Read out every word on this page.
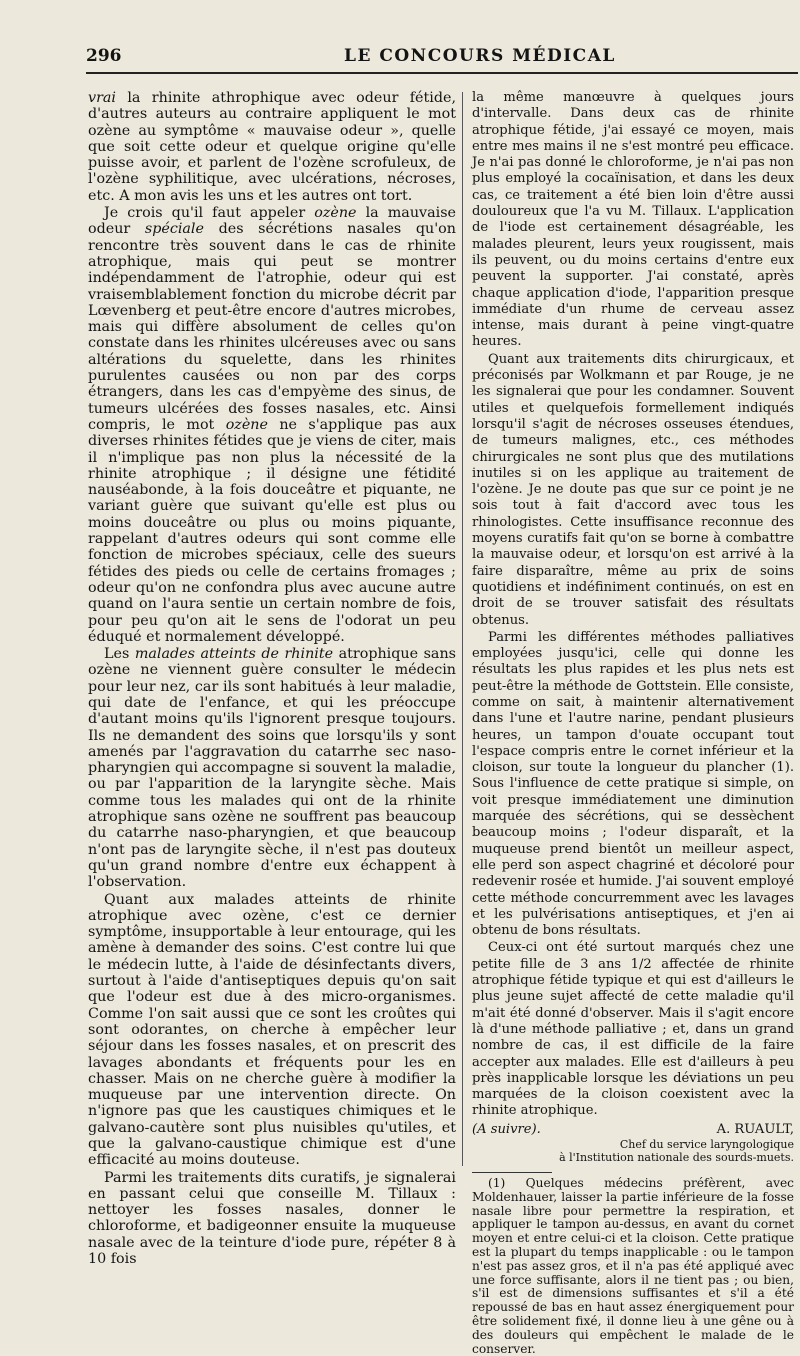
296	LE CONCOURS MÉDICAL

vrai la rhinite athrophique avec odeur fétide, d'autres auteurs au contraire appliquent le mot ozène au symptôme « mauvaise odeur », quelle que soit cette odeur et quelque origine qu'elle puisse avoir, et parlent de l'ozène scrofuleux, de l'ozène syphilitique, avec ulcérations, nécroses, etc. A mon avis les uns et les autres ont tort.

Je crois qu'il faut appeler ozène la mauvaise odeur spéciale des sécrétions nasales qu'on rencontre très souvent dans le cas de rhinite atrophique, mais qui peut se montrer indépendamment de l'atrophie, odeur qui est vraisemblablement fonction du microbe décrit par Lœvenberg et peut-être encore d'autres microbes, mais qui diffère absolument de celles qu'on constate dans les rhinites ulcéreuses avec ou sans altérations du squelette, dans les rhinites purulentes causées ou non par des corps étrangers, dans les cas d'empyème des sinus, de tumeurs ulcérées des fosses nasales, etc. Ainsi compris, le mot ozène ne s'applique pas aux diverses rhinites fétides que je viens de citer, mais il n'implique pas non plus la nécessité de la rhinite atrophique ; il désigne une fétidité nauséabonde, à la fois douceâtre et piquante, ne variant guère que suivant qu'elle est plus ou moins douceâtre ou plus ou moins piquante, rappelant d'autres odeurs qui sont comme elle fonction de microbes spéciaux, celle des sueurs fétides des pieds ou celle de certains fromages ; odeur qu'on ne confondra plus avec aucune autre quand on l'aura sentie un certain nombre de fois, pour peu qu'on ait le sens de l'odorat un peu éduqué et normalement développé.

Les malades atteints de rhinite atrophique sans ozène ne viennent guère consulter le médecin pour leur nez, car ils sont habitués à leur maladie, qui date de l'enfance, et qui les préoccupe d'autant moins qu'ils l'ignorent presque toujours. Ils ne demandent des soins que lorsqu'ils y sont amenés par l'aggravation du catarrhe sec naso-pharyngien qui accompagne si souvent la maladie, ou par l'apparition de la laryngite sèche. Mais comme tous les malades qui ont de la rhinite atrophique sans ozène ne souffrent pas beaucoup du catarrhe naso-pharyngien, et que beaucoup n'ont pas de laryngite sèche, il n'est pas douteux qu'un grand nombre d'entre eux échappent à l'observation.

Quant aux malades atteints de rhinite atrophique avec ozène, c'est ce dernier symptôme, insupportable à leur entourage, qui les amène à demander des soins. C'est contre lui que le médecin lutte, à l'aide de désinfectants divers, surtout à l'aide d'antiseptiques depuis qu'on sait que l'odeur est due à des micro-organismes. Comme l'on sait aussi que ce sont les croûtes qui sont odorantes, on cherche à empêcher leur séjour dans les fosses nasales, et on prescrit des lavages abondants et fréquents pour les en chasser. Mais on ne cherche guère à modifier la muqueuse par une intervention directe. On n'ignore pas que les caustiques chimiques et le galvano-cautère sont plus nuisibles qu'utiles, et que la galvano-caustique chimique est d'une efficacité au moins douteuse.

Parmi les traitements dits curatifs, je signalerai en passant celui que conseille M. Tillaux : nettoyer les fosses nasales, donner le chloroforme, et badigeonner ensuite la muqueuse nasale avec de la teinture d'iode pure, répéter 8 à 10 fois

la même manœuvre à quelques jours d'intervalle. Dans deux cas de rhinite atrophique fétide, j'ai essayé ce moyen, mais entre mes mains il ne s'est montré peu efficace. Je n'ai pas donné le chloroforme, je n'ai pas non plus employé la cocaïnisation, et dans les deux cas, ce traitement a été bien loin d'être aussi douloureux que l'a vu M. Tillaux. L'application de l'iode est certainement désagréable, les malades pleurent, leurs yeux rougissent, mais ils peuvent, ou du moins certains d'entre eux peuvent la supporter. J'ai constaté, après chaque application d'iode, l'apparition presque immédiate d'un rhume de cerveau assez intense, mais durant à peine vingt-quatre heures.

Quant aux traitements dits chirurgicaux, et préconisés par Wolkmann et par Rouge, je ne les signalerai que pour les condamner. Souvent utiles et quelquefois formellement indiqués lorsqu'il s'agit de nécroses osseuses étendues, de tumeurs malignes, etc., ces méthodes chirurgicales ne sont plus que des mutilations inutiles si on les applique au traitement de l'ozène. Je ne doute pas que sur ce point je ne sois tout à fait d'accord avec tous les rhinologistes. Cette insuffisance reconnue des moyens curatifs fait qu'on se borne à combattre la mauvaise odeur, et lorsqu'on est arrivé à la faire disparaître, même au prix de soins quotidiens et indéfiniment continués, on est en droit de se trouver satisfait des résultats obtenus.

Parmi les différentes méthodes palliatives employées jusqu'ici, celle qui donne les résultats les plus rapides et les plus nets est peut-être la méthode de Gottstein. Elle consiste, comme on sait, à maintenir alternativement dans l'une et l'autre narine, pendant plusieurs heures, un tampon d'ouate occupant tout l'espace compris entre le cornet inférieur et la cloison, sur toute la longueur du plancher (1). Sous l'influence de cette pratique si simple, on voit presque immédiatement une diminution marquée des sécrétions, qui se dessèchent beaucoup moins ; l'odeur disparaît, et la muqueuse prend bientôt un meilleur aspect, elle perd son aspect chagriné et décoloré pour redevenir rosée et humide. J'ai souvent employé cette méthode concurremment avec les lavages et les pulvérisations antiseptiques, et j'en ai obtenu de bons résultats.

Ceux-ci ont été surtout marqués chez une petite fille de 3 ans 1/2 affectée de rhinite atrophique fétide typique et qui est d'ailleurs le plus jeune sujet affecté de cette maladie qu'il m'ait été donné d'observer. Mais il s'agit encore là d'une méthode palliative ; et, dans un grand nombre de cas, il est difficile de la faire accepter aux malades. Elle est d'ailleurs à peu près inapplicable lorsque les déviations un peu marquées de la cloison coexistent avec la rhinite atrophique.

(A suivre).	A. RUAULT,
Chef du service laryngologique
à l'Institution nationale des sourds-muets.

(1) Quelques médecins préfèrent, avec Moldenhauer, laisser la partie inférieure de la fosse nasale libre pour permettre la respiration, et appliquer le tampon au-dessus, en avant du cornet moyen et entre celui-ci et la cloison. Cette pratique est la plupart du temps inapplicable : ou le tampon n'est pas assez gros, et il n'a pas été appliqué avec une force suffisante, alors il ne tient pas ; ou bien, s'il est de dimensions suffisantes et s'il a été repoussé de bas en haut assez énergiquement pour être solidement fixé, il donne lieu à une gêne ou à des douleurs qui empêchent le malade de le conserver.
